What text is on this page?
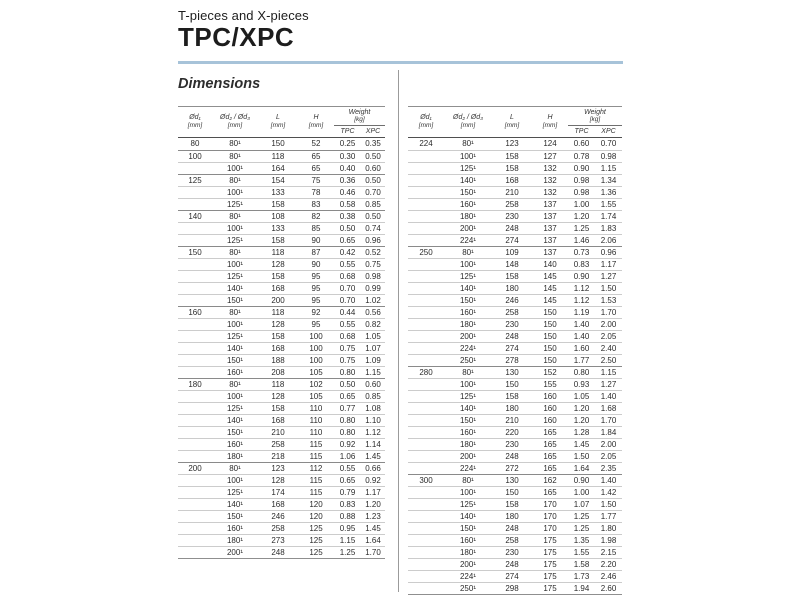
T-pieces and X-pieces
TPC/XPC
Dimensions
Ød₁
[mm]
Ød₂ / Ød₃
[mm]
L
[mm]
H
[mm]
Weight
[kg]
TPC	XPC
80	80¹	150	52	0.25	0.35
100	80¹	118	65	0.30	0.50
100¹	164	65	0.40	0.60
125	80¹	154	75	0.36	0.50
100¹	133	78	0.46	0.70
125¹	158	83	0.58	0.85
140	80¹	108	82	0.38	0.50
100¹	133	85	0.50	0.74
125¹	158	90	0.65	0.96
150	80¹	118	87	0.42	0.52
100¹	128	90	0.55	0.75
125¹	158	95	0.68	0.98
140¹	168	95	0.70	0.99
150¹	200	95	0.70	1.02
160	80¹	118	92	0.44	0.56
100¹	128	95	0.55	0.82
125¹	158	100	0.68	1.05
140¹	168	100	0.75	1.07
150¹	188	100	0.75	1.09
160¹	208	105	0.80	1.15
180	80¹	118	102	0.50	0.60
100¹	128	105	0.65	0.85
125¹	158	110	0.77	1.08
140¹	168	110	0.80	1.10
150¹	210	110	0.80	1.12
160¹	258	115	0.92	1.14
180¹	218	115	1.06	1.45
200	80¹	123	112	0.55	0.66
100¹	128	115	0.65	0.92
125¹	174	115	0.79	1.17
140¹	168	120	0.83	1.20
150¹	246	120	0.88	1.23
160¹	258	125	0.95	1.45
180¹	273	125	1.15	1.64
200¹	248	125	1.25	1.70
Ød₁
[mm]
Ød₂ / Ød₃
[mm]
L
[mm]
H
[mm]
Weight
[kg]
TPC	XPC
224	80¹	123	124	0.60	0.70
100¹	158	127	0.78	0.98
125¹	158	132	0.90	1.15
140¹	168	132	0.98	1.34
150¹	210	132	0.98	1.36
160¹	258	137	1.00	1.55
180¹	230	137	1.20	1.74
200¹	248	137	1.25	1.83
224¹	274	137	1.46	2.06
250	80¹	109	137	0.73	0.96
100¹	148	140	0.83	1.17
125¹	158	145	0.90	1.27
140¹	180	145	1.12	1.50
150¹	246	145	1.12	1.53
160¹	258	150	1.19	1.70
180¹	230	150	1.40	2.00
200¹	248	150	1.40	2.05
224¹	274	150	1.60	2.40
250¹	278	150	1.77	2.50
280	80¹	130	152	0.80	1.15
100¹	150	155	0.93	1.27
125¹	158	160	1.05	1.40
140¹	180	160	1.20	1.68
150¹	210	160	1.20	1.70
160¹	220	165	1.28	1.84
180¹	230	165	1.45	2.00
200¹	248	165	1.50	2.05
224¹	272	165	1.64	2.35
300	80¹	130	162	0.90	1.40
100¹	150	165	1.00	1.42
125¹	158	170	1.07	1.50
140¹	180	170	1.25	1.77
150¹	248	170	1.25	1.80
160¹	258	175	1.35	1.98
180¹	230	175	1.55	2.15
200¹	248	175	1.58	2.20
224¹	274	175	1.73	2.46
250¹	298	175	1.94	2.60
